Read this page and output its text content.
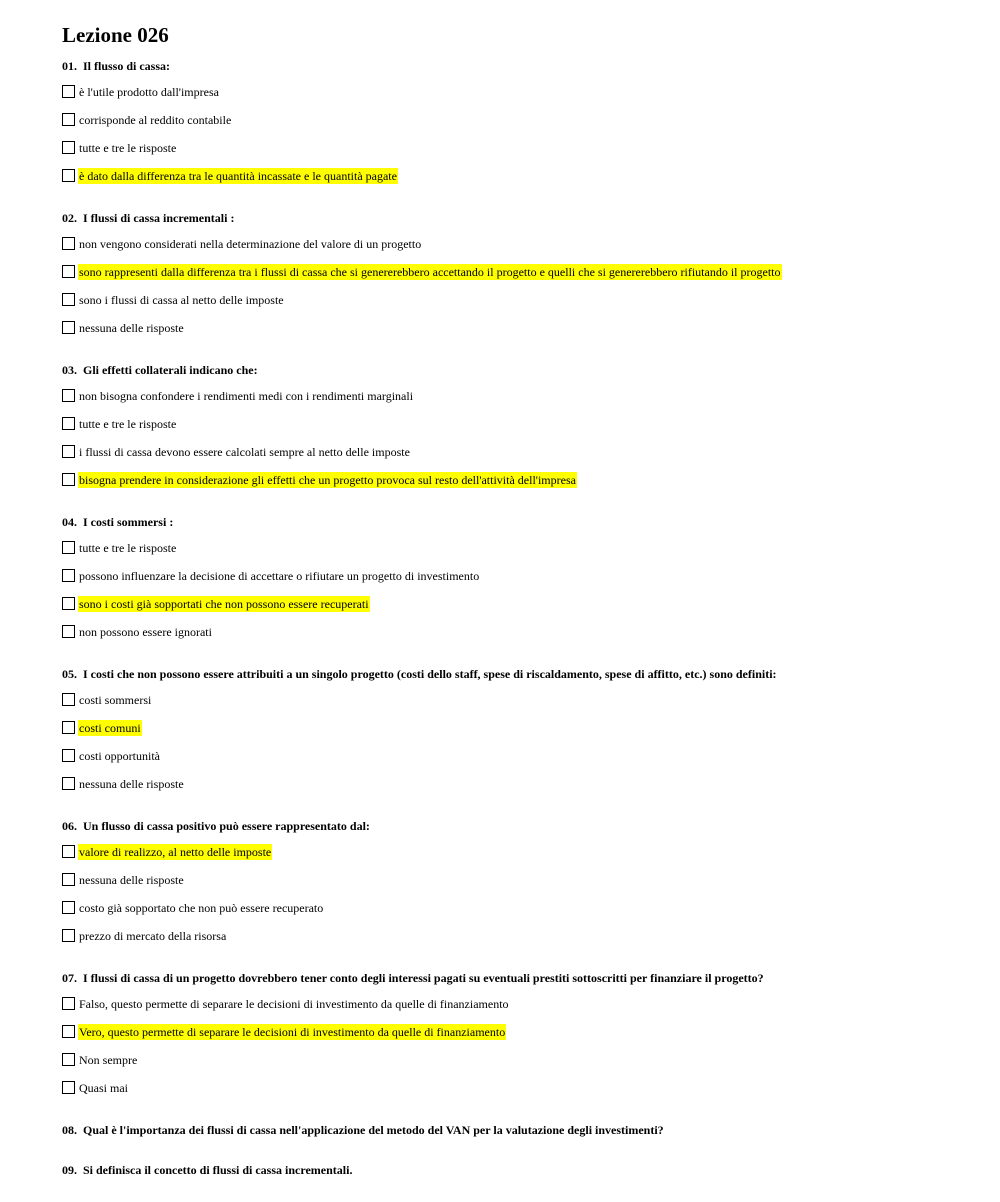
Lezione 026
01. Il flusso di cassa:
è l'utile prodotto dall'impresa
corrisponde al reddito contabile
tutte e tre le risposte
è dato dalla differenza tra le quantità incassate e le quantità pagate
02. I flussi di cassa incrementali :
non vengono considerati nella determinazione del valore di un progetto
sono rappresenti dalla differenza tra i flussi di cassa che si genererebbero accettando il progetto e quelli che si genererebbero rifiutando il progetto
sono i flussi di cassa al netto delle imposte
nessuna delle risposte
03. Gli effetti collaterali indicano che:
non bisogna confondere i rendimenti medi con i rendimenti marginali
tutte e tre le risposte
i flussi di cassa devono essere calcolati sempre al netto delle imposte
bisogna prendere in considerazione gli effetti che un progetto provoca sul resto dell'attività dell'impresa
04. I costi sommersi :
tutte e tre le risposte
possono influenzare la decisione di accettare o rifiutare un progetto di investimento
sono i costi già sopportati che non possono essere recuperati
non possono essere ignorati
05. I costi che non possono essere attribuiti a un singolo progetto (costi dello staff, spese di riscaldamento, spese di affitto, etc.) sono definiti:
costi sommersi
costi comuni
costi opportunità
nessuna delle risposte
06. Un flusso di cassa positivo può essere rappresentato dal:
valore di realizzo, al netto delle imposte
nessuna delle risposte
costo già sopportato che non può essere recuperato
prezzo di mercato della risorsa
07. I flussi di cassa di un progetto dovrebbero tener conto degli interessi pagati su eventuali prestiti sottoscritti per finanziare il progetto?
Falso, questo permette di separare le decisioni di investimento da quelle di finanziamento
Vero, questo permette di separare le decisioni di investimento da quelle di finanziamento
Non sempre
Quasi mai
08. Qual è l'importanza dei flussi di cassa nell'applicazione del metodo del VAN per la valutazione degli investimenti?
09. Si definisca il concetto di flussi di cassa incrementali.
